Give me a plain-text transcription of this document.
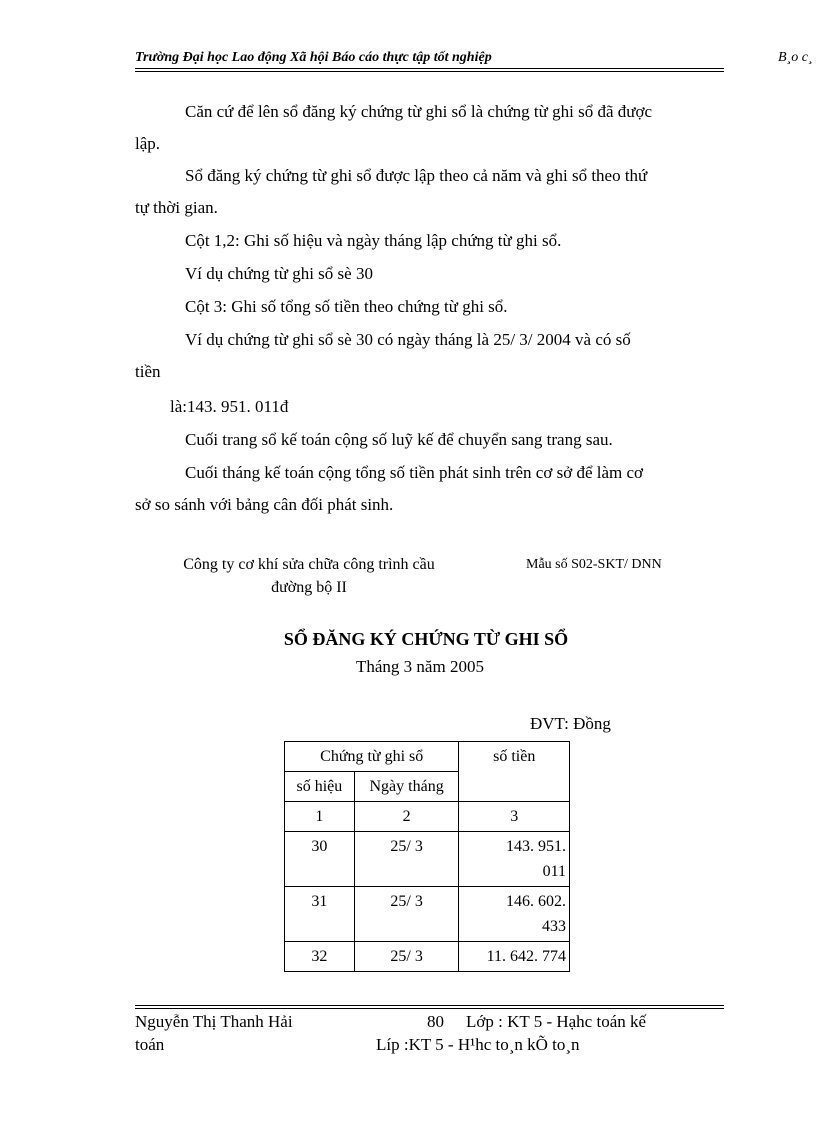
Trường Đại học Lao động Xã hội Báo cáo thực tập tốt nghiệp	B¸o c¸
Căn cứ để lên sổ đăng ký chứng từ ghi sổ là chứng từ ghi sổ đã được
lập.
Sổ đăng ký chứng từ ghi sổ được lập theo cả năm và ghi sổ theo thứ
tự thời gian.
Cột 1,2: Ghi số hiệu và ngày tháng lập chứng từ ghi sổ.
Ví dụ chứng từ ghi sổ sè 30
Cột 3: Ghi số tổng số tiền theo chứng từ ghi sổ.
Ví dụ chứng từ ghi sổ sè 30 có ngày tháng là 25/ 3/ 2004 và có số
tiền
là:143. 951. 011đ
Cuối trang sổ kế toán cộng số luỹ kế để chuyển sang trang sau.
Cuối tháng kế toán cộng tổng số tiền phát sinh trên cơ sở để làm cơ
sở so sánh với bảng cân đối phát sinh.
Công ty cơ khí sửa chữa công trình cầu
đường bộ II
Mẫu số S02-SKT/ DNN
SỔ ĐĂNG KÝ CHỨNG TỪ GHI SỔ
Tháng 3 năm 2005
ĐVT: Đồng
Chứng từ ghi sổ		số tiền
số hiệu	Ngày tháng	
1	2	3
30	25/ 3	143. 951.
011
31	25/ 3	146. 602.
433
32	25/ 3	11. 642. 774
Nguyễn Thị Thanh Hải
toán
80 Lớp : KT 5 - Hạhc toán kế
Líp :KT 5 - H¹hc to¸n kÕ to¸n
